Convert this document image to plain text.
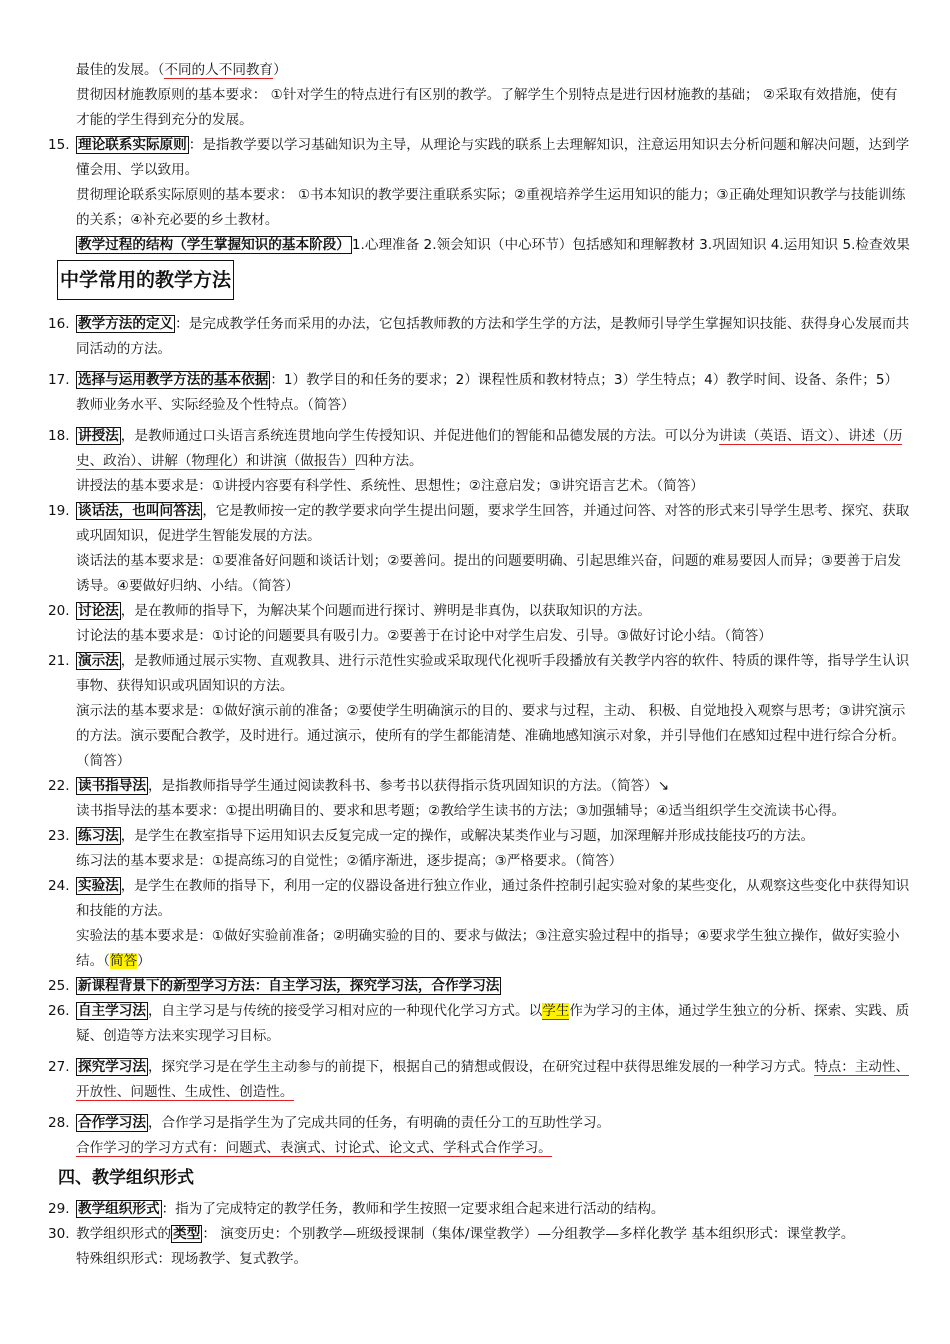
最佳的发展。（不同的人不同教育）
贯彻因材施教原则的基本要求： ①针对学生的特点进行有区别的教学。了解学生个别特点是进行因材施教的基础； ②采取有效措施，使有才能的学生得到充分的发展。
15. 理论联系实际原则 ：是指教学要以学习基础知识为主导，从理论与实践的联系上去理解知识，注意运用知识去分析问题和解决问题，达到学懂会用、学以致用。
贯彻理论联系实际原则的基本要求： ①书本知识的教学要注重联系实际；②重视培养学生运用知识的能力；③正确处理知识教学与技能训练的关系；④补充必要的乡土教材。
教学过程的结构（学生掌握知识的基本阶段） 1.心理准备 2.领会知识（中心环节）包括感知和理解教材 3.巩固知识 4.运用知识 5.检查效果
中学常用的教学方法
16. 教学方法的定义 ：是完成教学任务而采用的办法，它包括教师教的方法和学生学的方法，是教师引导学生掌握知识技能、获得身心发展而共同活动的方法。
17. 选择与运用教学方法的基本依据 ：1）教学目的和任务的要求；2）课程性质和教材特点；3）学生特点；4）教学时间、设备、条件；5）教师业务水平、实际经验及个性特点。（简答）
18. 讲授法 ，是教师通过口头语言系统连贯地向学生传授知识、并促进他们的智能和品德发展的方法。可以分为讲读（英语、语文）、讲述（历史、政治）、讲解（物理化）和讲演（做报告）四种方法。
讲授法的基本要求是：①讲授内容要有科学性、系统性、思想性；②注意启发；③讲究语言艺术。（简答）
19. 谈话法，也叫问答法 ，它是教师按一定的教学要求向学生提出问题，要求学生回答，并通过问答、对答的形式来引导学生思考、探究、获取或巩固知识，促进学生智能发展的方法。
谈话法的基本要求是：①要准备好问题和谈话计划；②要善问。提出的问题要明确、引起思维兴奋，问题的难易要因人而异；③要善于启发诱导。④要做好归纳、小结。（简答）
20. 讨论法 ，是在教师的指导下，为解决某个问题而进行探讨、辨明是非真伪，以获取知识的方法。
讨论法的基本要求是：①讨论的问题要具有吸引力。②要善于在讨论中对学生启发、引导。③做好讨论小结。（简答）
21. 演示法 ，是教师通过展示实物、直观教具、进行示范性实验或采取现代化视听手段播放有关教学内容的软件、特质的课件等，指导学生认识事物、获得知识或巩固知识的方法。
演示法的基本要求是：①做好演示前的准备；②要使学生明确演示的目的、要求与过程，主动、 积极、自觉地投入观察与思考；③讲究演示的方法。演示要配合教学，及时进行。通过演示，使所有的学生都能清楚、准确地感知演示对象，并引导他们在感知过程中进行综合分析。（简答）
22. 读书指导法 ，是指教师指导学生通过阅读教科书、参考书以获得指示货巩固知识的方法。（简答）↘
读书指导法的基本要求：①提出明确目的、要求和思考题；②教给学生读书的方法；③加强辅导；④适当组织学生交流读书心得。
23. 练习法 ，是学生在教室指导下运用知识去反复完成一定的操作，或解决某类作业与习题，加深理解并形成技能技巧的方法。
练习法的基本要求是：①提高练习的自觉性；②循序渐进，逐步提高；③严格要求。（简答）
24. 实验法 ，是学生在教师的指导下，利用一定的仪器设备进行独立作业，通过条件控制引起实验对象的某些变化，从观察这些变化中获得知识和技能的方法。
实验法的基本要求是：①做好实验前准备；②明确实验的目的、要求与做法；③注意实验过程中的指导；④要求学生独立操作，做好实验小结。（简答）
25. 新课程背景下的新型学习方法：自主学习法，探究学习法，合作学习法
26. 自主学习法 ，自主学习是与传统的接受学习相对应的一种现代化学习方式。以学生作为学习的主体，通过学生独立的分析、探索、实践、质疑、创造等方法来实现学习目标。
27. 探究学习法 ，探究学习是在学生主动参与的前提下，根据自己的猜想或假设，在研究过程中获得思维发展的一种学习方式。特点：主动性、开放性、问题性、生成性、创造性。
28. 合作学习法 ，合作学习是指学生为了完成共同的任务，有明确的责任分工的互助性学习。
合作学习的学习方式有：问题式、表演式、讨论式、论文式、学科式合作学习。
四、教学组织形式
29. 教学组织形式 ：指为了完成特定的教学任务，教师和学生按照一定要求组合起来进行活动的结构。
30. 教学组织形式的 类型 ： 演变历史：个别教学—班级授课制（集体/课堂教学）—分组教学—多样化教学 基本组织形式：课堂教学。
特殊组织形式：现场教学、复式教学。
